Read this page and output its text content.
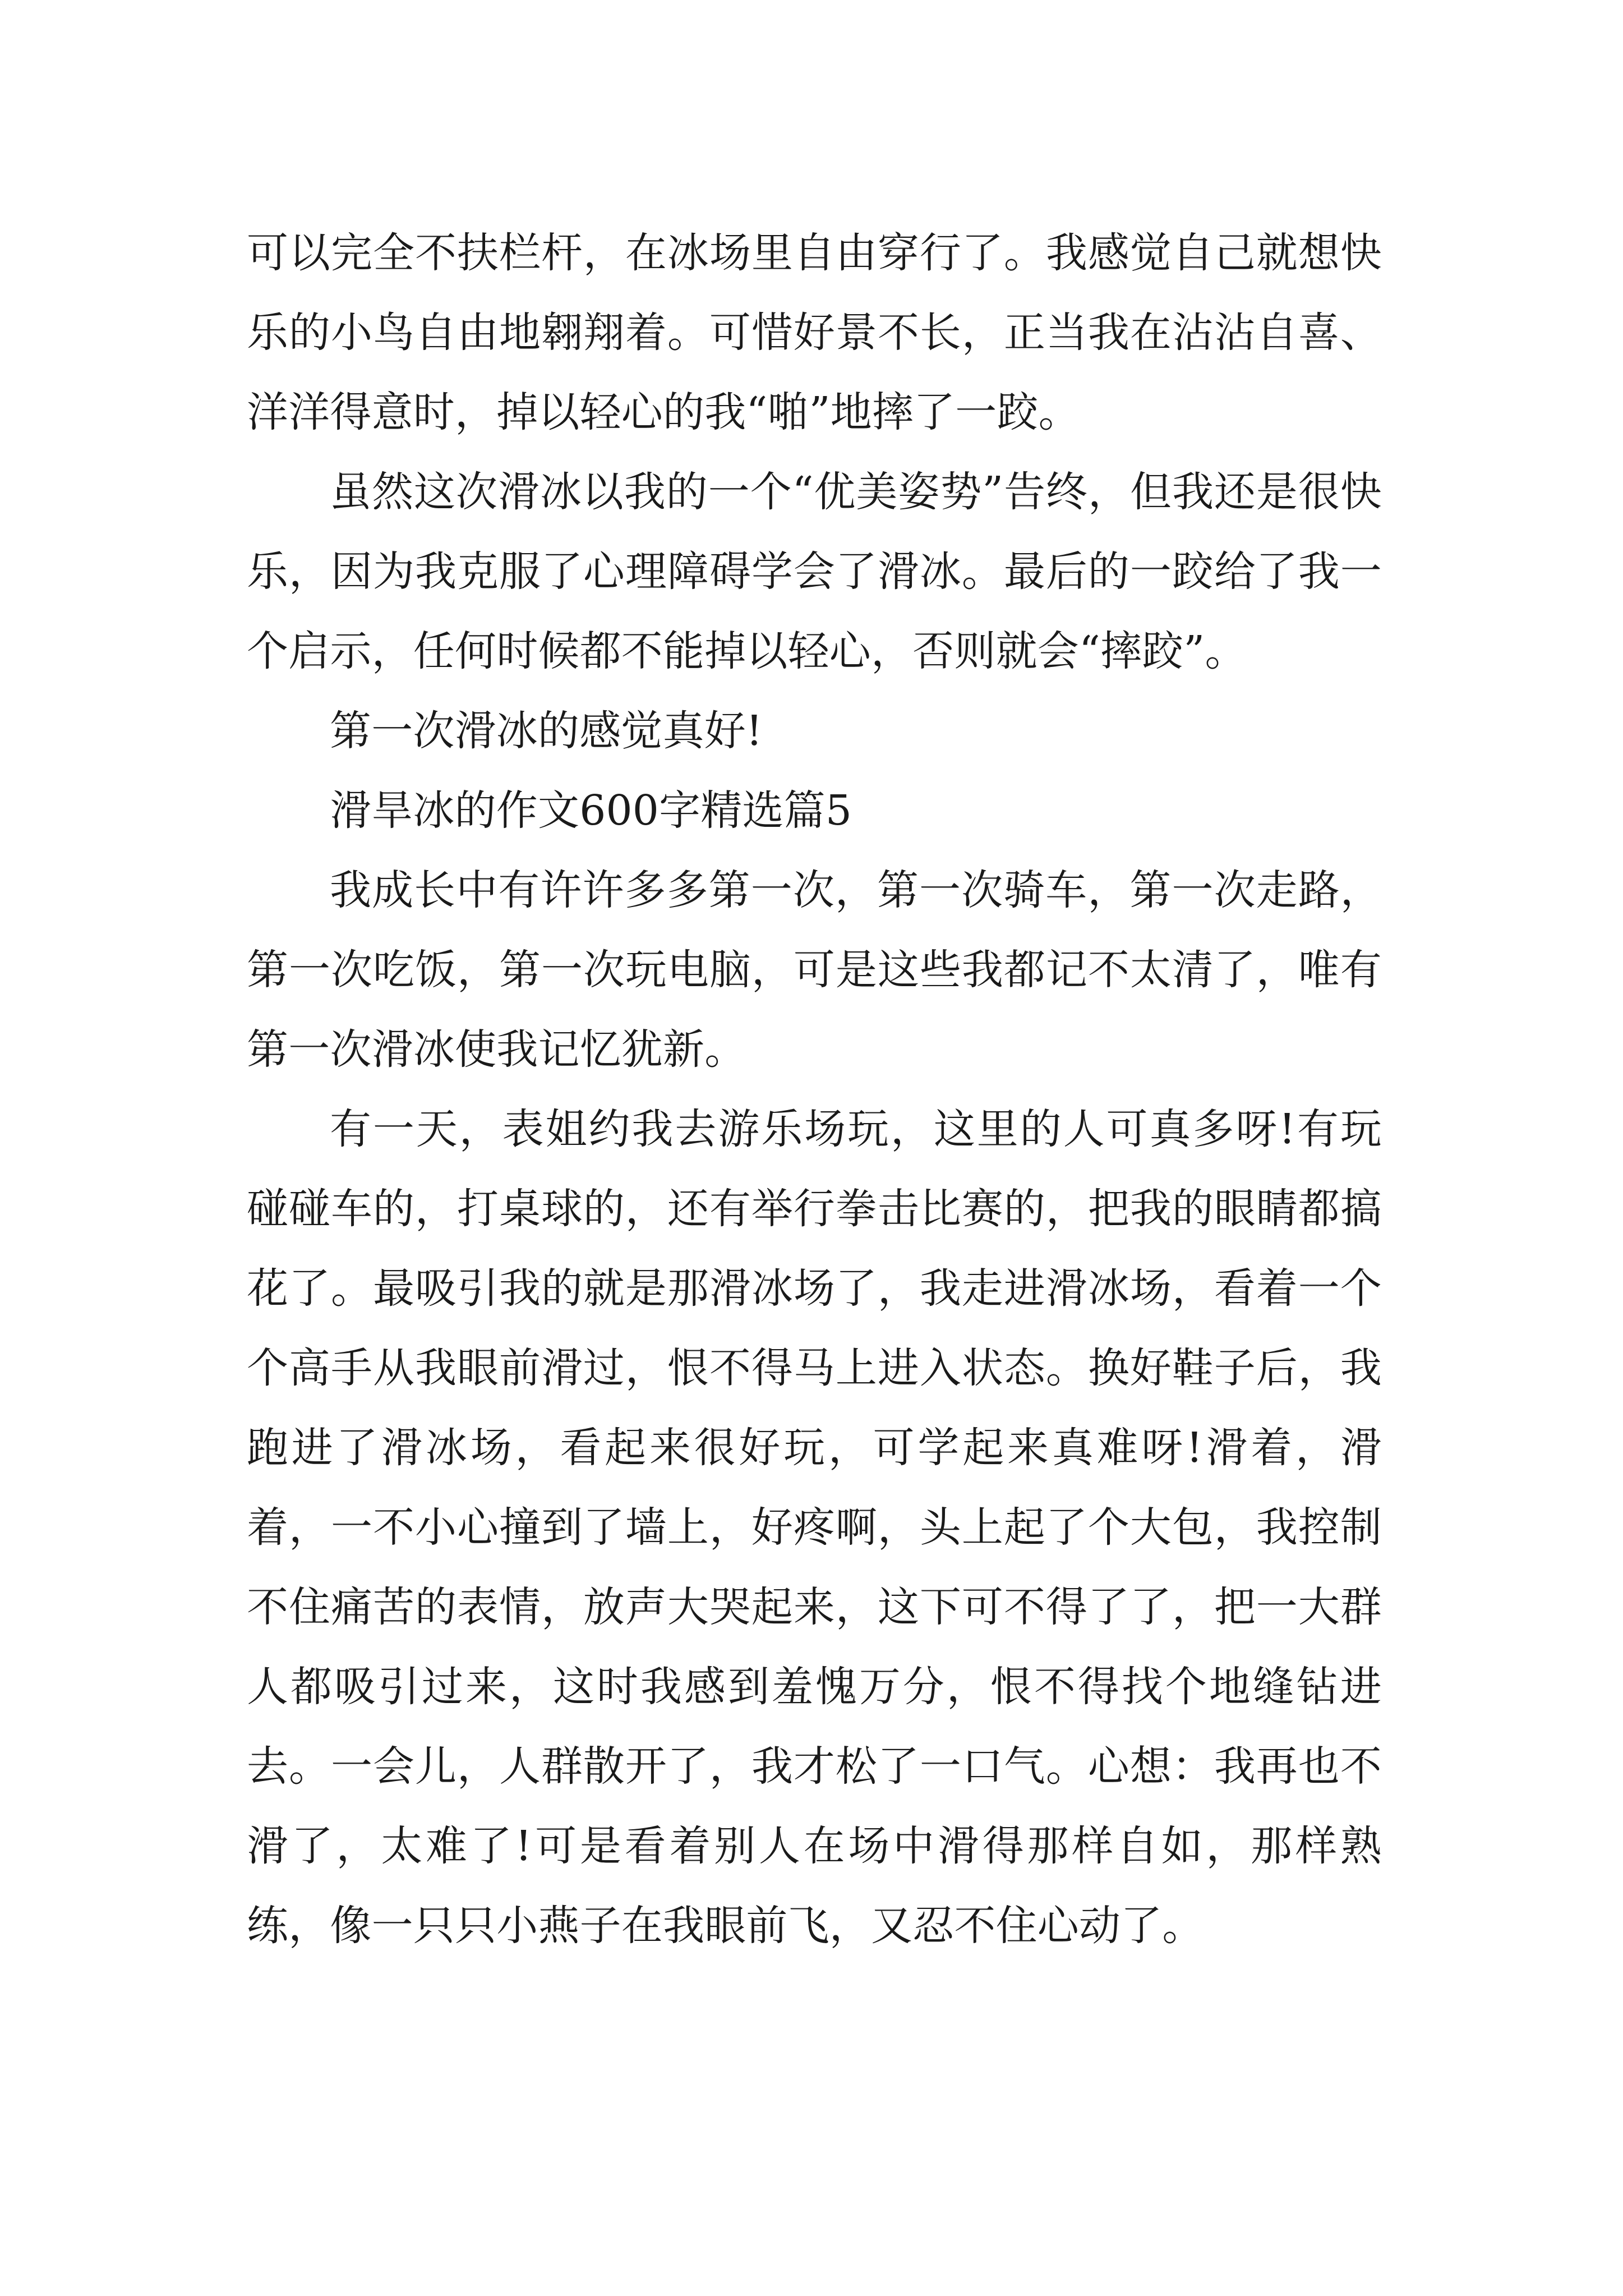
可以完全不扶栏杆，在冰场里自由穿行了。我感觉自己就想快乐的小鸟自由地翱翔着。可惜好景不长，正当我在沾沾自喜、洋洋得意时，掉以轻心的我“啪”地摔了一跤。

虽然这次滑冰以我的一个“优美姿势”告终，但我还是很快乐，因为我克服了心理障碍学会了滑冰。最后的一跤给了我一个启示，任何时候都不能掉以轻心，否则就会“摔跤”。

第一次滑冰的感觉真好!

滑旱冰的作文600字精选篇5

我成长中有许许多多第一次，第一次骑车，第一次走路，第一次吃饭，第一次玩电脑，可是这些我都记不太清了，唯有第一次滑冰使我记忆犹新。

有一天，表姐约我去游乐场玩，这里的人可真多呀!有玩碰碰车的，打桌球的，还有举行拳击比赛的，把我的眼睛都搞花了。最吸引我的就是那滑冰场了，我走进滑冰场，看着一个个高手从我眼前滑过，恨不得马上进入状态。换好鞋子后，我跑进了滑冰场，看起来很好玩，可学起来真难呀!滑着，滑着，一不小心撞到了墙上，好疼啊，头上起了个大包，我控制不住痛苦的表情，放声大哭起来，这下可不得了了，把一大群人都吸引过来，这时我感到羞愧万分，恨不得找个地缝钻进去。一会儿，人群散开了，我才松了一口气。心想：我再也不滑了，太难了!可是看着别人在场中滑得那样自如，那样熟练，像一只只小燕子在我眼前飞，又忍不住心动了。
